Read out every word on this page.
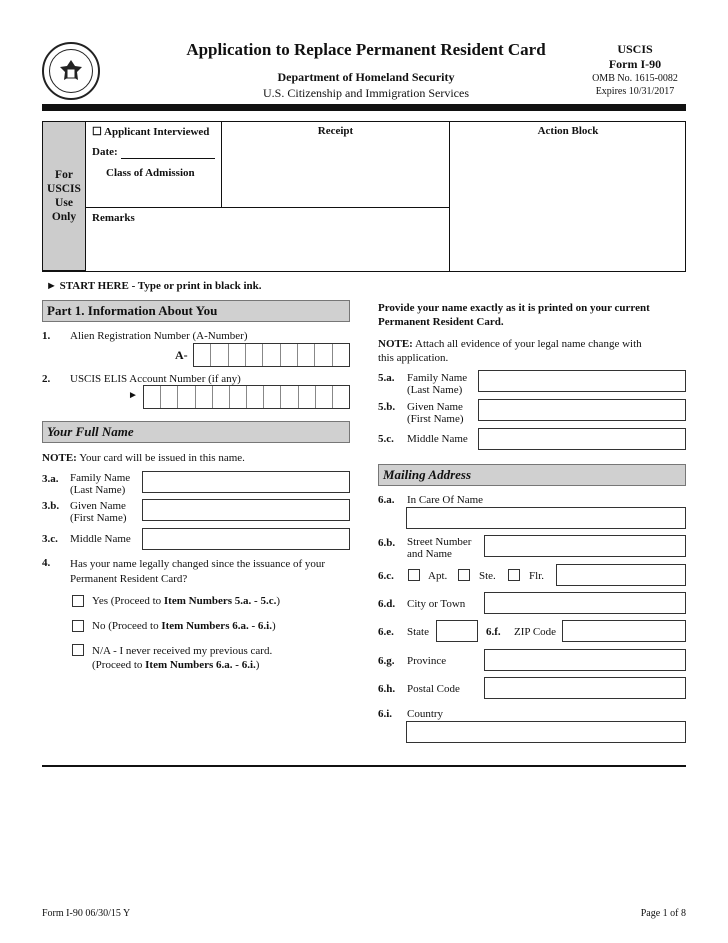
Application to Replace Permanent Resident Card
Department of Homeland Security
U.S. Citizenship and Immigration Services
USCIS
Form I-90
OMB No. 1615-0082
Expires 10/31/2017
For
USCIS
Use
Only
☐ Applicant Interviewed
Date:
Class of Admission
Remarks
Receipt	Action Block
► START HERE - Type or print in black ink.
Part 1. Information About You
1. Alien Registration Number (A-Number)
A-
2. USCIS ELIS Account Number (if any)
►
Your Full Name
NOTE: Your card will be issued in this name.
3.a. Family Name
(Last Name)
3.b. Given Name
(First Name)
3.c. Middle Name
4. Has your name legally changed since the issuance of your
Permanent Resident Card?
Yes (Proceed to Item Numbers 5.a. - 5.c.)
No (Proceed to Item Numbers 6.a. - 6.i.)
N/A - I never received my previous card.
(Proceed to Item Numbers 6.a. - 6.i.)
Provide your name exactly as it is printed on your current
Permanent Resident Card.
NOTE: Attach all evidence of your legal name change with
this application.
5.a. Family Name
(Last Name)
5.b. Given Name
(First Name)
5.c. Middle Name
Mailing Address
6.a. In Care Of Name
6.b. Street Number
and Name
6.c.	Apt.	Ste.	Flr.
6.d. City or Town
6.e. State	6.f. ZIP Code
6.g. Province
6.h. Postal Code
6.i. Country
Form I-90 06/30/15 Y	Page 1 of 8
